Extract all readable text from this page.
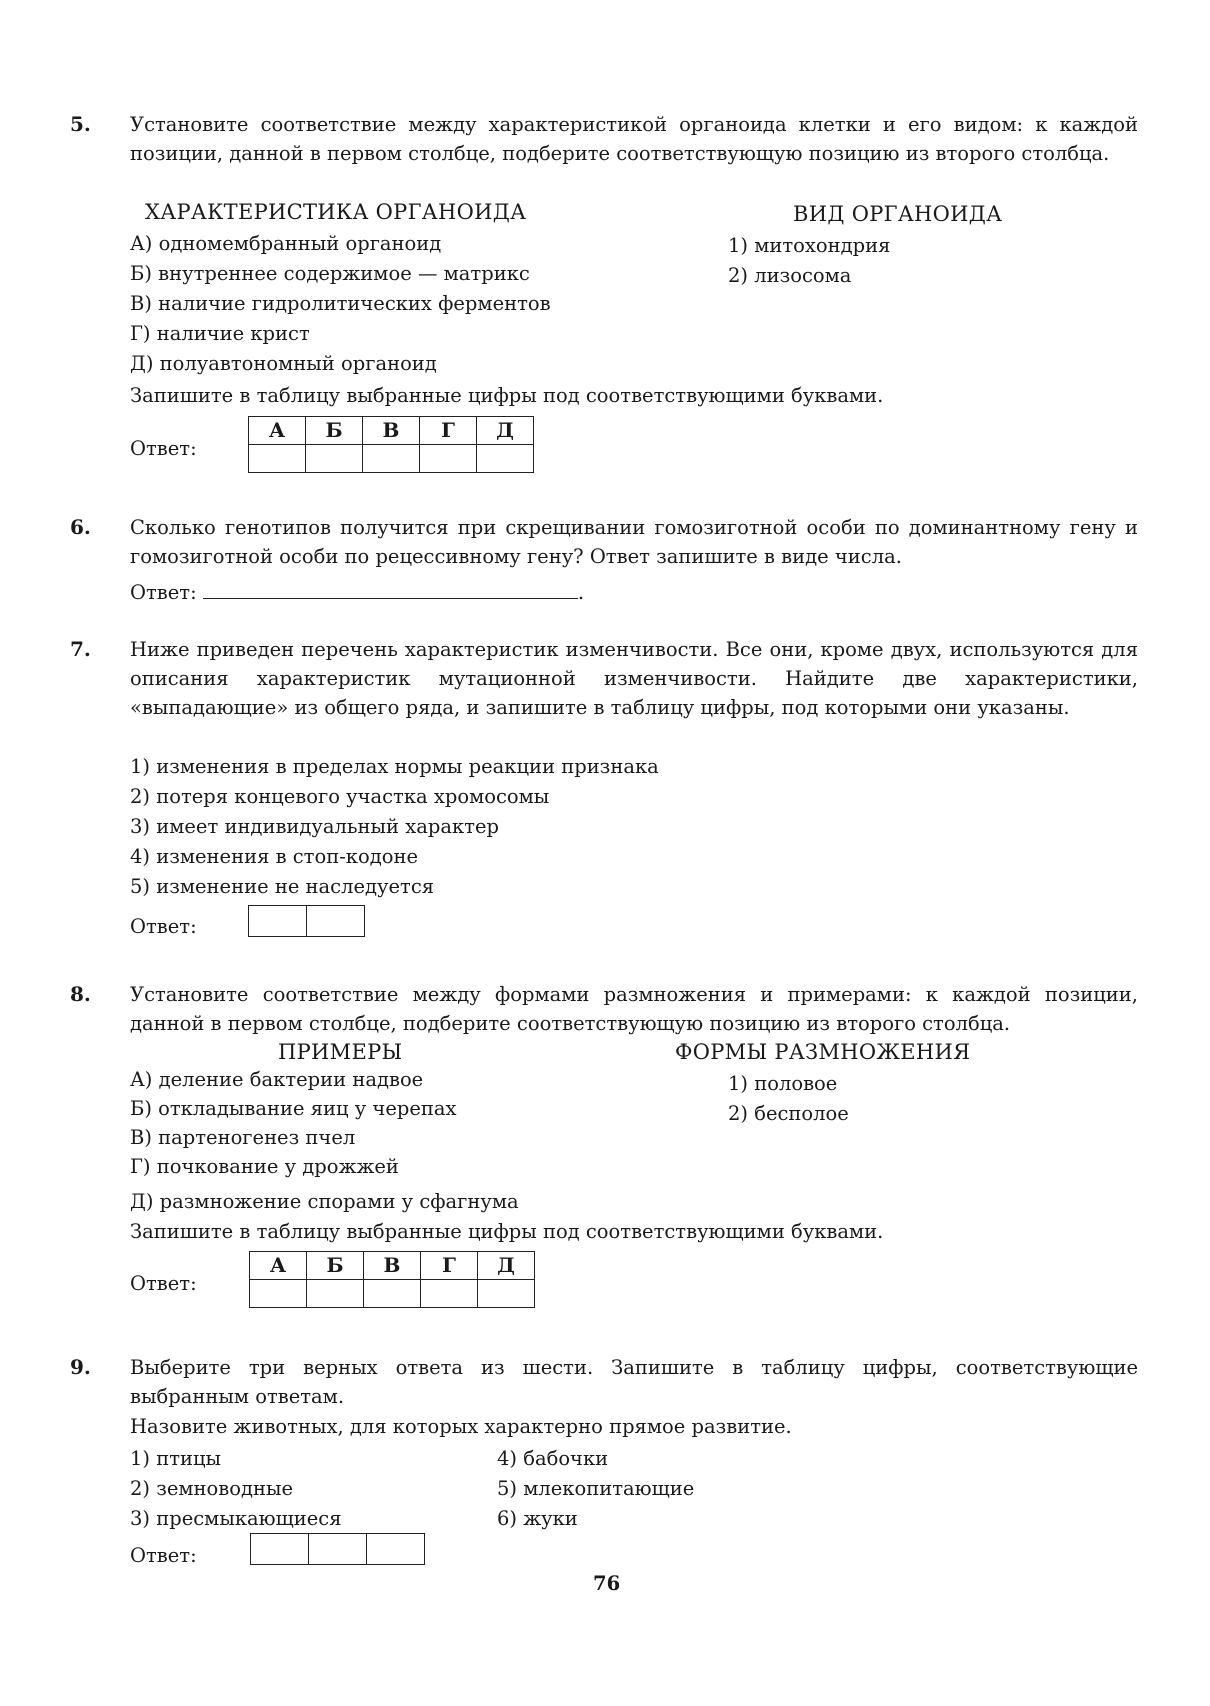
5. Установите соответствие между характеристикой органоида клетки и его видом: к каждой позиции, данной в первом столбце, подберите соответствующую позицию из второго столбца.
ХАРАКТЕРИСТИКА ОРГАНОИДА	ВИД ОРГАНОИДА
А) одномембранный органоид
Б) внутреннее содержимое — матрикс
В) наличие гидролитических ферментов
Г) наличие крист
Д) полуавтономный органоид
1) митохондрия
2) лизосома
Запишите в таблицу выбранные цифры под соответствующими буквами.
Ответ:
А	Б	В	Г	Д

6. Сколько генотипов получится при скрещивании гомозиготной особи по доминантному гену и гомозиготной особи по рецессивному гену? Ответ запишите в виде числа.
Ответ:	.
7. Ниже приведен перечень характеристик изменчивости. Все они, кроме двух, используются для описания характеристик мутационной изменчивости. Найдите две характеристики, «выпадающие» из общего ряда, и запишите в таблицу цифры, под которыми они указаны.
1) изменения в пределах нормы реакции признака
2) потеря концевого участка хромосомы
3) имеет индивидуальный характер
4) изменения в стоп-кодоне
5) изменение не наследуется
Ответ:

8. Установите соответствие между формами размножения и примерами: к каждой позиции, данной в первом столбце, подберите соответствующую позицию из второго столбца.
ПРИМЕРЫ	ФОРМЫ РАЗМНОЖЕНИЯ
А) деление бактерии надвое
Б) откладывание яиц у черепах
В) партеногенез пчел
Г) почкование у дрожжей
Д) размножение спорами у сфагнума
1) половое
2) бесполое
Запишите в таблицу выбранные цифры под соответствующими буквами.
Ответ:
А	Б	В	Г	Д

9. Выберите три верных ответа из шести. Запишите в таблицу цифры, соответствующие выбранным ответам.
Назовите животных, для которых характерно прямое развитие.
1) птицы
2) земноводные
3) пресмыкающиеся
4) бабочки
5) млекопитающие
6) жуки
Ответ:

76
